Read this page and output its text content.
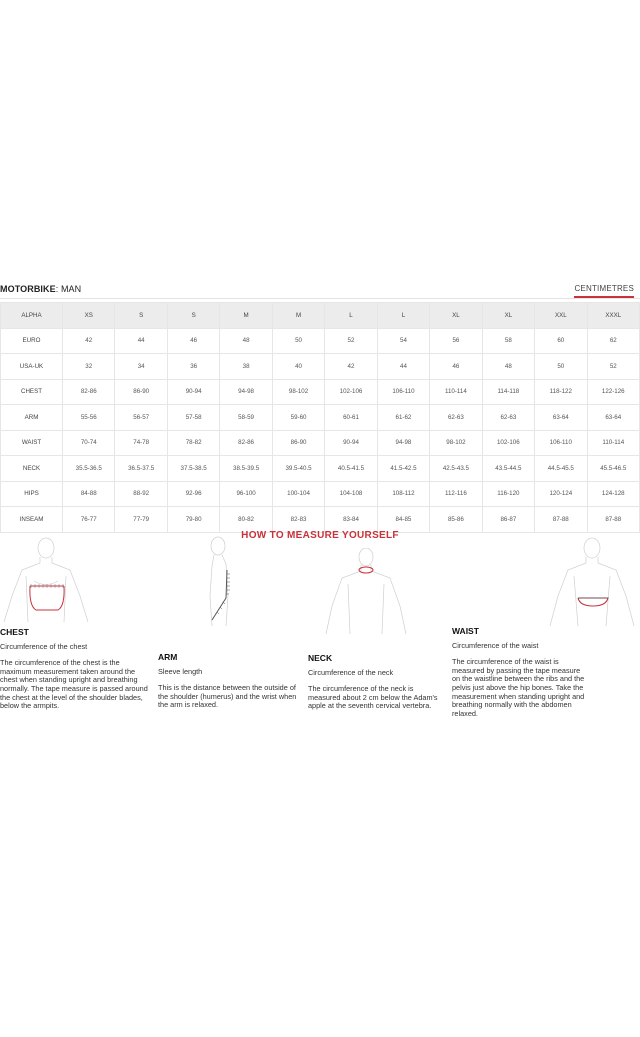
MOTORBIKE: MAN	CENTIMETRES
ALPHA	XS	S	S	M	M	L	L	XL	XL	XXL	XXXL
EURO	42	44	46	48	50	52	54	56	58	60	62
USA-UK	32	34	36	38	40	42	44	46	48	50	52
CHEST	82-86	86-90	90-94	94-98	98-102	102-106	106-110	110-114	114-118	118-122	122-126
ARM	55-56	56-57	57-58	58-59	59-60	60-61	61-62	62-63	62-63	63-64	63-64
WAIST	70-74	74-78	78-82	82-86	86-90	90-94	94-98	98-102	102-106	106-110	110-114
NECK	35.5-36.5	36.5-37.5	37.5-38.5	38.5-39.5	39.5-40.5	40.5-41.5	41.5-42.5	42.5-43.5	43.5-44.5	44.5-45.5	45.5-46.5
HIPS	84-88	88-92	92-96	96-100	100-104	104-108	108-112	112-116	116-120	120-124	124-128
INSEAM	76-77	77-79	79-80	80-82	82-83	83-84	84-85	85-86	86-87	87-88	87-88
HOW TO MEASURE YOURSELF
CHEST
Circumference of the chest
The circumference of the chest is the maximum measurement taken around the chest when standing upright and breathing normally. The tape measure is passed around the chest at the level of the shoulder blades, below the armpits.
ARM
Sleeve length
This is the distance between the outside of the shoulder (humerus) and the wrist when the arm is relaxed.
NECK
Circumference of the neck
The circumference of the neck is measured about 2 cm below the Adam's apple at the seventh cervical vertebra.
WAIST
Circumference of the waist
The circumference of the waist is measured by passing the tape measure on the waistline between the ribs and the pelvis just above the hip bones. Take the measurement when standing upright and breathing normally with the abdomen relaxed.
